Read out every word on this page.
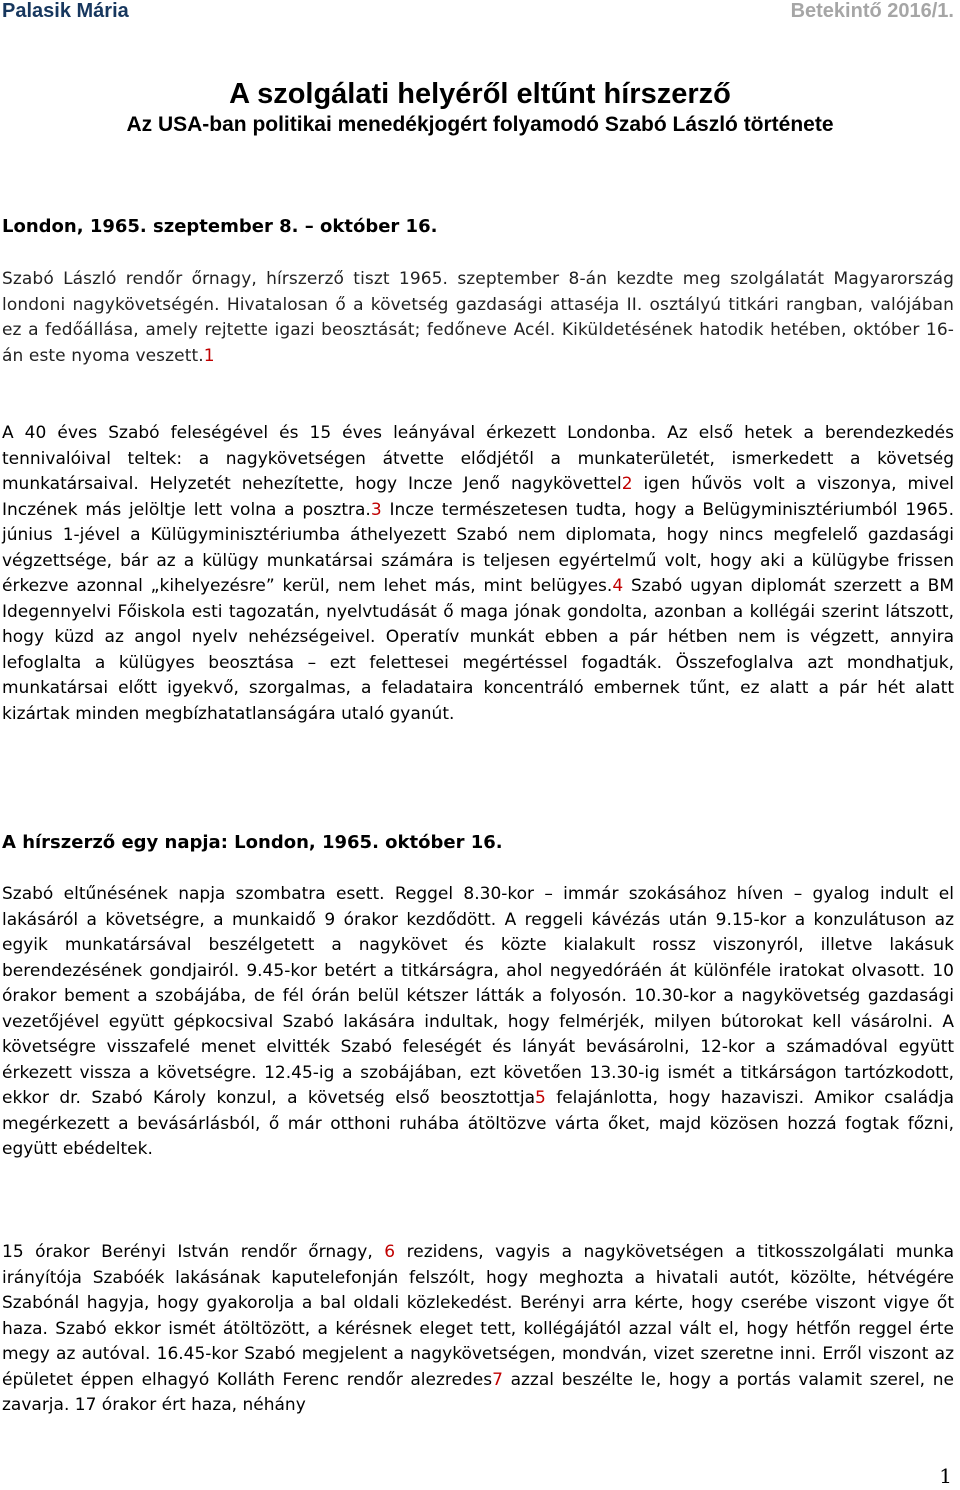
Palasik Mária	Betekintő 2016/1.
A szolgálati helyéről eltűnt hírszerző
Az USA-ban politikai menedékjogért folyamodó Szabó László története

London, 1965. szeptember 8. – október 16.

Szabó László rendőr őrnagy, hírszerző tiszt 1965. szeptember 8-án kezdte meg szolgálatát Magyarország londoni nagykövetségén. Hivatalosan ő a követség gazdasági attaséja II. osztályú titkári rangban, valójában ez a fedőállása, amely rejtette igazi beosztását; fedőneve Acél. Kiküldetésének hatodik hetében, október 16-án este nyoma veszett.1

A 40 éves Szabó feleségével és 15 éves leányával érkezett Londonba. Az első hetek a berendezkedés tennivalóival teltek: a nagykövetségen átvette elődjétől a munkaterületét, ismerkedett a követség munkatársaival. Helyzetét nehezítette, hogy Incze Jenő nagykövettel2 igen hűvös volt a viszonya, mivel Inczének más jelöltje lett volna a posztra.3 Incze természetesen tudta, hogy a Belügyminisztériumból 1965. június 1-jével a Külügyminisztériumba áthelyezett Szabó nem diplomata, hogy nincs megfelelő gazdasági végzettsége, bár az a külügy munkatársai számára is teljesen egyértelmű volt, hogy aki a külügybe frissen érkezve azonnal „kihelyezésre” kerül, nem lehet más, mint belügyes.4 Szabó ugyan diplomát szerzett a BM Idegennyelvi Főiskola esti tagozatán, nyelvtudását ő maga jónak gondolta, azonban a kollégái szerint látszott, hogy küzd az angol nyelv nehézségeivel. Operatív munkát ebben a pár hétben nem is végzett, annyira lefoglalta a külügyes beosztása – ezt felettesei megértéssel fogadták. Összefoglalva azt mondhatjuk, munkatársai előtt igyekvő, szorgalmas, a feladataira koncentráló embernek tűnt, ez alatt a pár hét alatt kizártak minden megbízhatatlanságára utaló gyanút.

A hírszerző egy napja: London, 1965. október 16.

Szabó eltűnésének napja szombatra esett. Reggel 8.30-kor – immár szokásához híven – gyalog indult el lakásáról a követségre, a munkaidő 9 órakor kezdődött. A reggeli kávézás után 9.15-kor a konzulátuson az egyik munkatársával beszélgetett a nagykövet és közte kialakult rossz viszonyról, illetve lakásuk berendezésének gondjairól. 9.45-kor betért a titkárságra, ahol negyedóráén át különféle iratokat olvasott. 10 órakor bement a szobájába, de fél órán belül kétszer látták a folyosón. 10.30-kor a nagykövetség gazdasági vezetőjével együtt gépkocsival Szabó lakására indultak, hogy felmérjék, milyen bútorokat kell vásárolni. A követségre visszafelé menet elvitték Szabó feleségét és lányát bevásárolni, 12-kor a számadóval együtt érkezett vissza a követségre. 12.45-ig a szobájában, ezt követően 13.30-ig ismét a titkárságon tartózkodott, ekkor dr. Szabó Károly konzul, a követség első beosztottja5 felajánlotta, hogy hazaviszi. Amikor családja megérkezett a bevásárlásból, ő már otthoni ruhába átöltözve várta őket, majd közösen hozzá fogtak főzni, együtt ebédeltek.

15 órakor Berényi István rendőr őrnagy, 6 rezidens, vagyis a nagykövetségen a titkosszolgálati munka irányítója Szabóék lakásának kaputelefonján felszólt, hogy meghozta a hivatali autót, közölte, hétvégére Szabónál hagyja, hogy gyakorolja a bal oldali közlekedést. Berényi arra kérte, hogy cserébe viszont vigye őt haza. Szabó ekkor ismét átöltözött, a kérésnek eleget tett, kollégájától azzal vált el, hogy hétfőn reggel érte megy az autóval. 16.45-kor Szabó megjelent a nagykövetségen, mondván, vizet szeretne inni. Erről viszont az épületet éppen elhagyó Kolláth Ferenc rendőr alezredes7 azzal beszélte le, hogy a portás valamit szerel, ne zavarja. 17 órakor ért haza, néhány

1
